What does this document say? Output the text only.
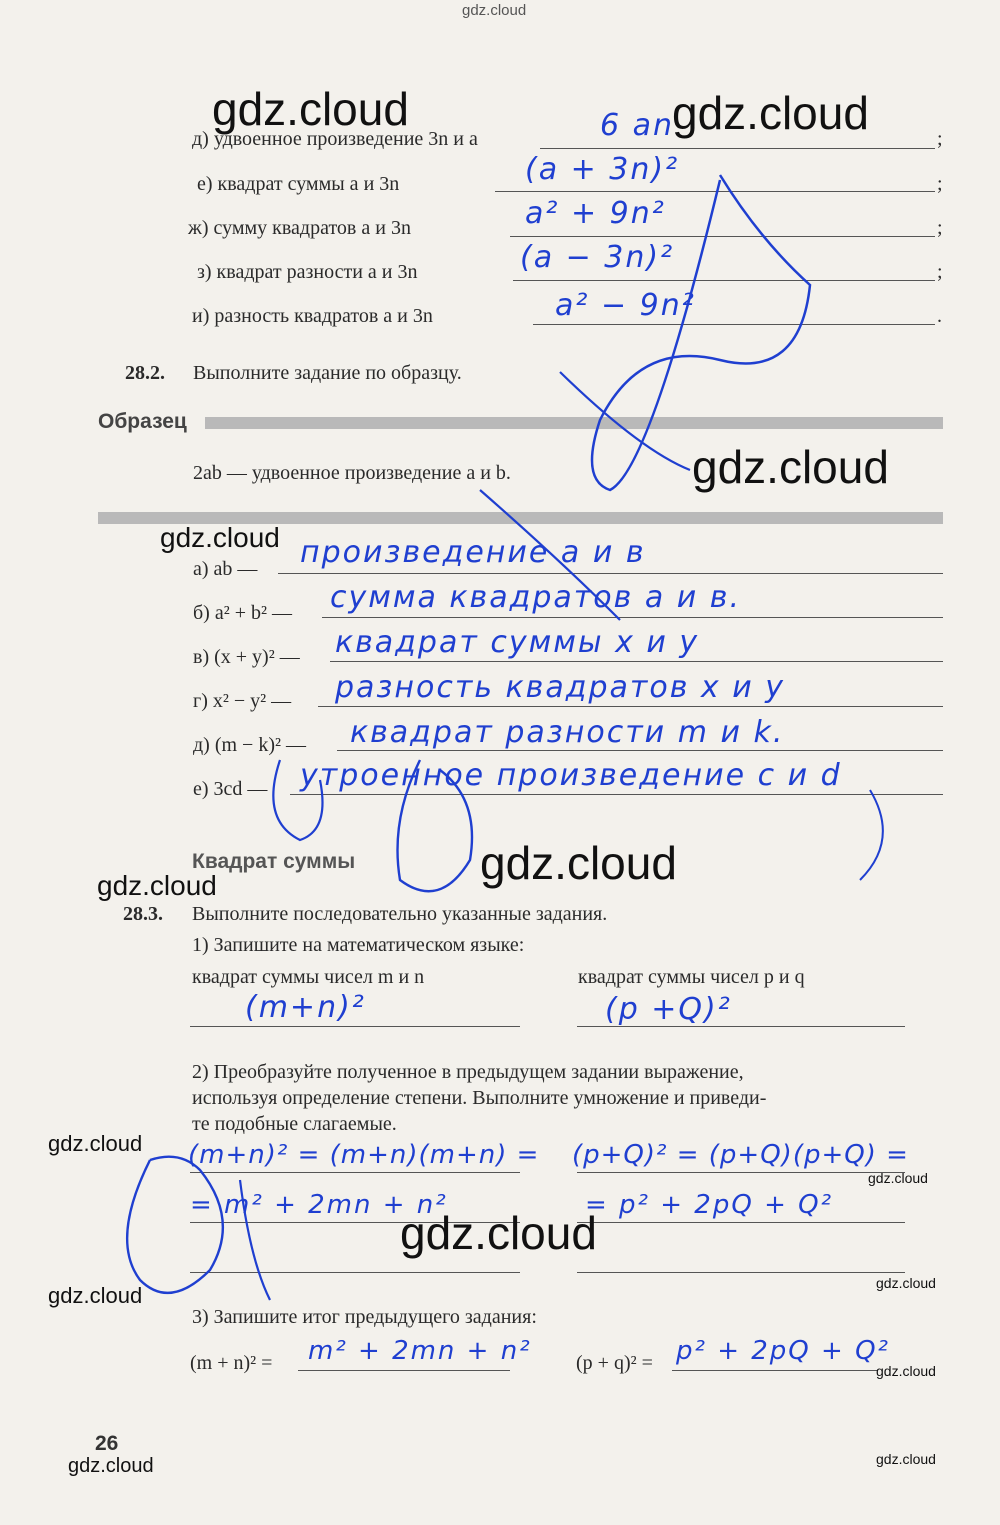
gdz.cloud
д) удвоенное произведение 3n и a	;
6 an
е) квадрат суммы a и 3n	;
(a + 3n)²
ж) сумму квадратов a и 3n	;
a² + 9n²
з) квадрат разности a и 3n	;
(a − 3n)²
и) разность квадратов a и 3n	.
a² − 9n²
28.2. Выполните задание по образцу.
Образец
2ab — удвоенное произведение a и b.
а) ab — произведение a и в
б) a² + b² — сумма квадратов a и в.
в) (x + y)² — квадрат суммы x и y
г) x² − y² — разность квадратов x и y
д) (m − k)² — квадрат разности m и k.
е) 3cd — утроенное произведение c и d
Квадрат суммы
28.3. Выполните последовательно указанные задания.
1) Запишите на математическом языке:
квадрат суммы чисел m и n	квадрат суммы чисел p и q
(m+n)²	(p +Q)²
2) Преобразуйте полученное в предыдущем задании выражение,
используя определение степени. Выполните умножение и приведи-
те подобные слагаемые.
(m+n)² = (m+n)(m+n) =
= m² + 2mn + n²
(p+Q)² = (p+Q)(p+Q) =
= p² + 2pQ + Q²
3) Запишите итог предыдущего задания:
(m + n)² = m² + 2mn + n² (p + q)² = p² + 2pQ + Q²
26
gdz.cloud	gdz.cloud
gdz.cloud
gdz.cloud
gdz.cloud
gdz.cloud
gdz.cloud
gdz.cloud
gdz.cloud
gdz.cloud
gdz.cloud
gdz.cloud
gdz.cloud
gdz.cloud
